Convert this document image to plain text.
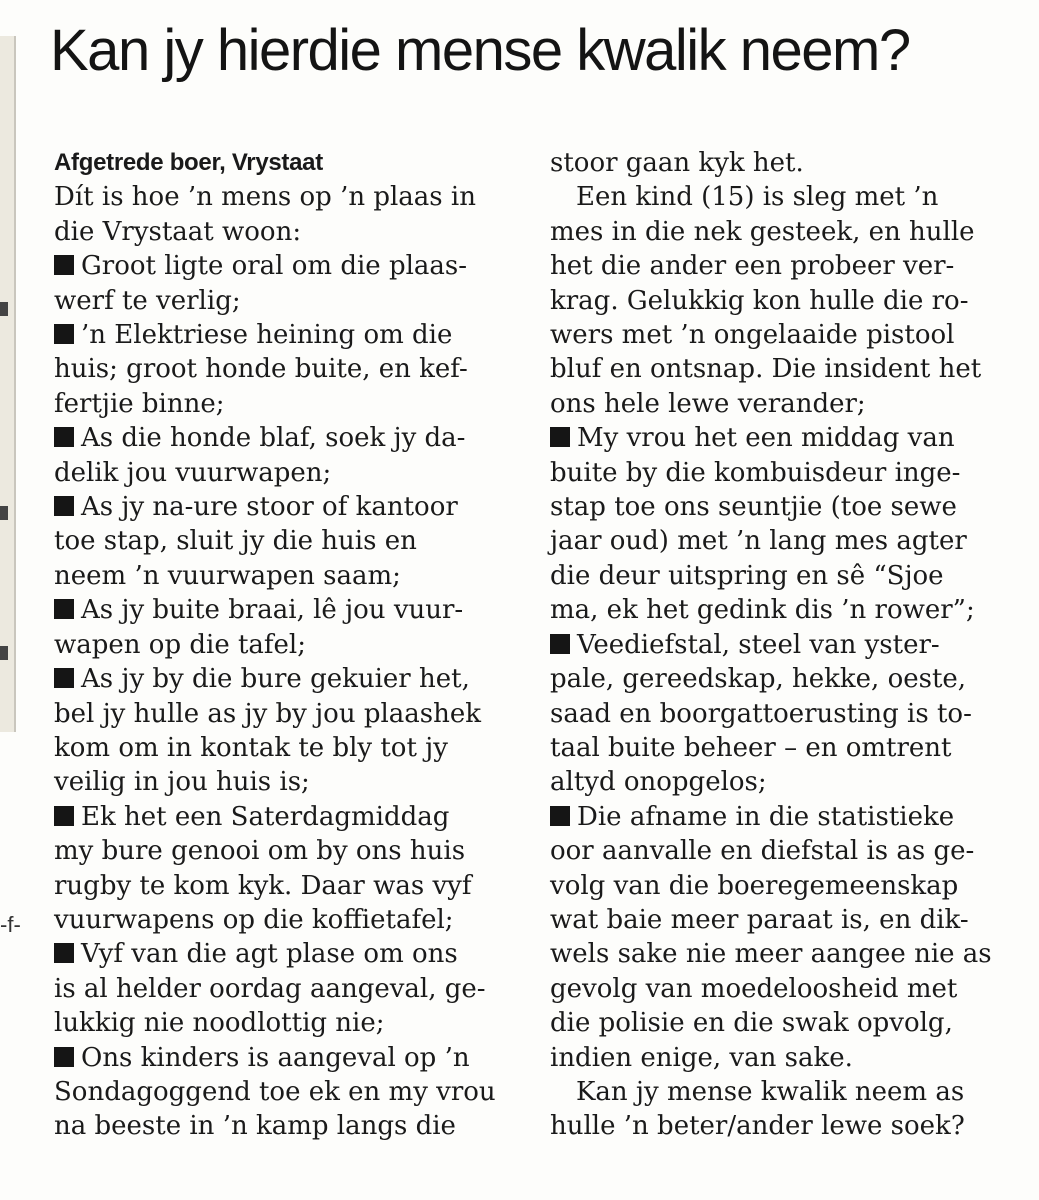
-f-
Kan jy hierdie mense kwalik neem?
Afgetrede boer, Vrystaat
Dít is hoe ’n mens op ’n plaas in
die Vrystaat woon:
Groot ligte oral om die plaas-
werf te verlig;
’n Elektriese heining om die
huis; groot honde buite, en kef-
fertjie binne;
As die honde blaf, soek jy da-
delik jou vuurwapen;
As jy na-ure stoor of kantoor
toe stap, sluit jy die huis en
neem ’n vuurwapen saam;
As jy buite braai, lê jou vuur-
wapen op die tafel;
As jy by die bure gekuier het,
bel jy hulle as jy by jou plaashek
kom om in kontak te bly tot jy
veilig in jou huis is;
Ek het een Saterdagmiddag
my bure genooi om by ons huis
rugby te kom kyk. Daar was vyf
vuurwapens op die koffietafel;
Vyf van die agt plase om ons
is al helder oordag aangeval, ge-
lukkig nie noodlottig nie;
Ons kinders is aangeval op ’n
Sondagoggend toe ek en my vrou
na beeste in ’n kamp langs die
stoor gaan kyk het.
Een kind (15) is sleg met ’n
mes in die nek gesteek, en hulle
het die ander een probeer ver-
krag. Gelukkig kon hulle die ro-
wers met ’n ongelaaide pistool
bluf en ontsnap. Die insident het
ons hele lewe verander;
My vrou het een middag van
buite by die kombuisdeur inge-
stap toe ons seuntjie (toe sewe
jaar oud) met ’n lang mes agter
die deur uitspring en sê “Sjoe
ma, ek het gedink dis ’n rower”;
Veediefstal, steel van yster-
pale, gereedskap, hekke, oeste,
saad en boorgattoerusting is to-
taal buite beheer – en omtrent
altyd onopgelos;
Die afname in die statistieke
oor aanvalle en diefstal is as ge-
volg van die boeregemeenskap
wat baie meer paraat is, en dik-
wels sake nie meer aangee nie as
gevolg van moedeloosheid met
die polisie en die swak opvolg,
indien enige, van sake.
Kan jy mense kwalik neem as
hulle ’n beter/ander lewe soek?
